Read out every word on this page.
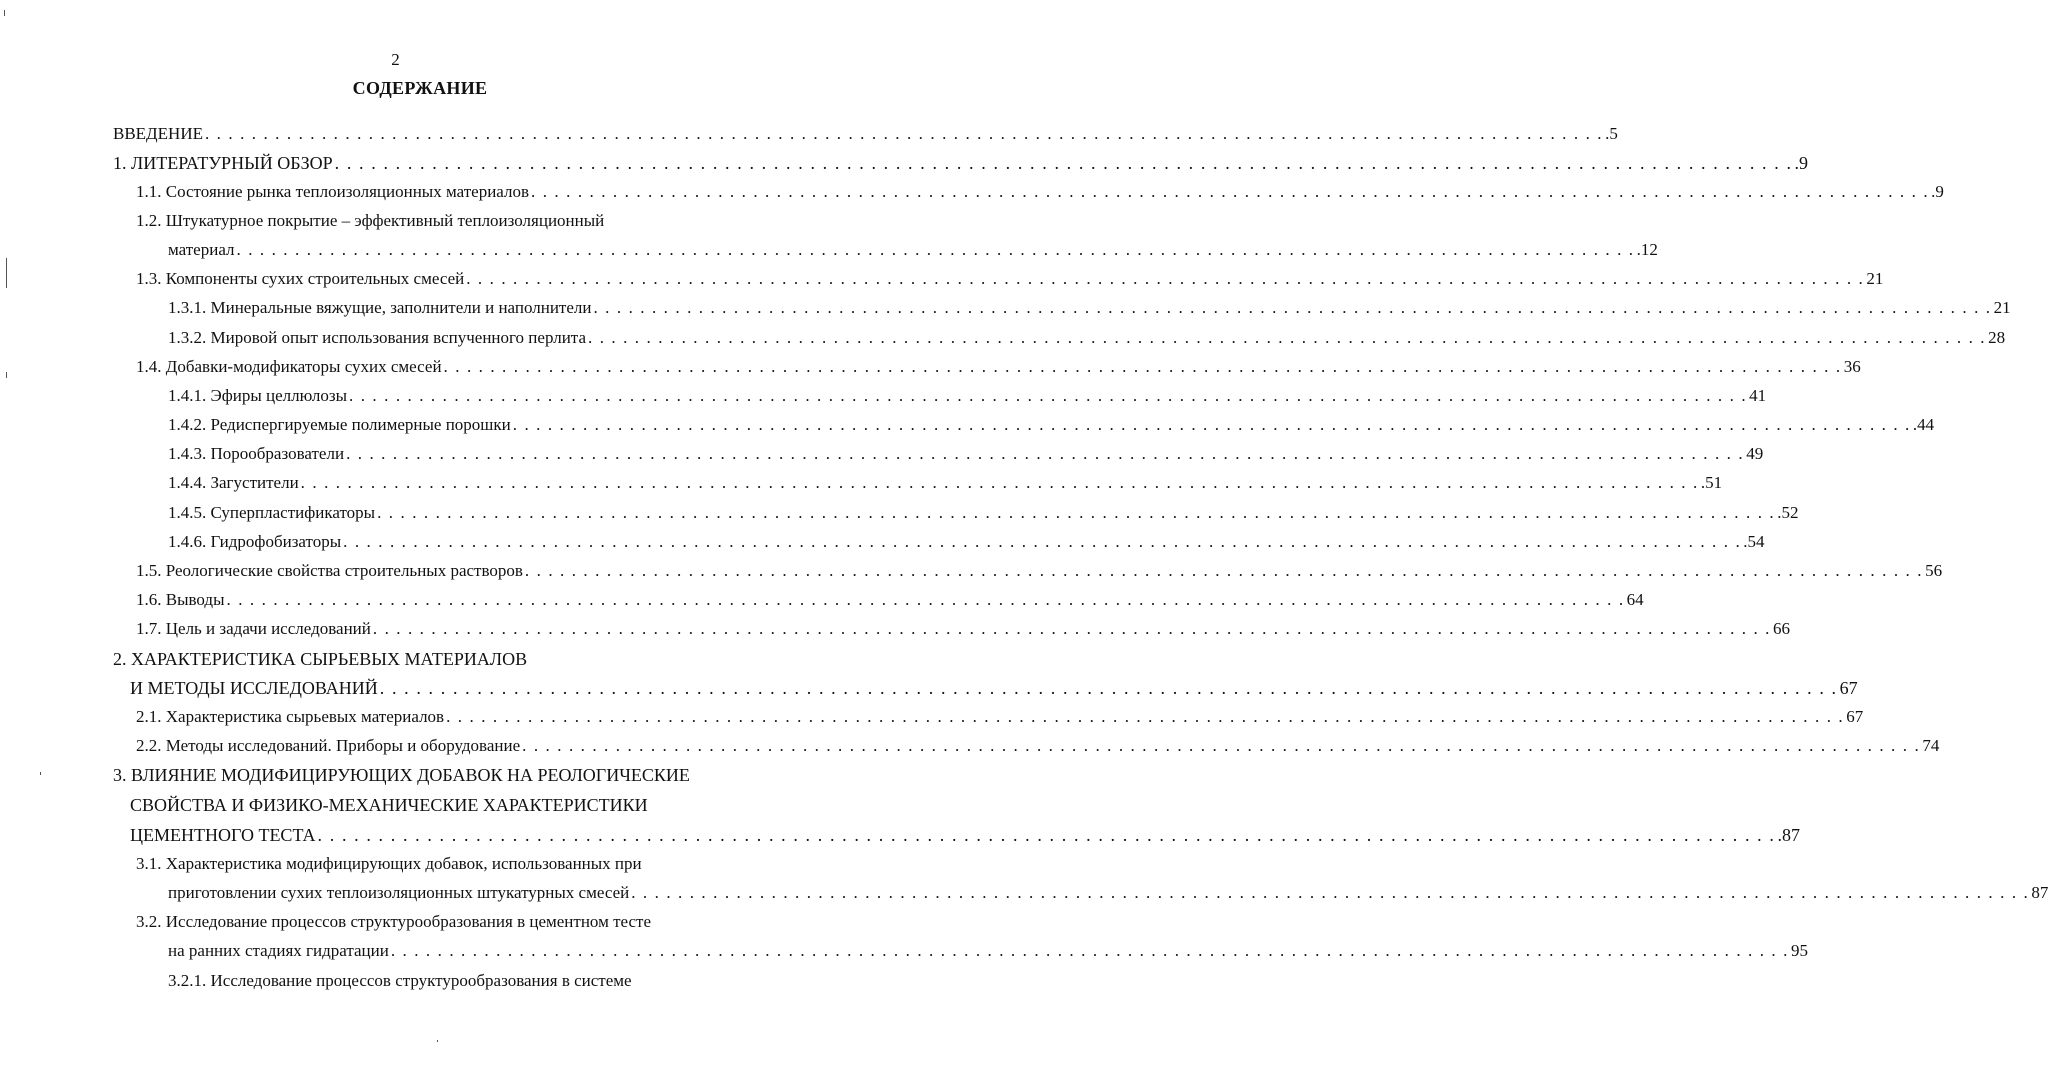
2
СОДЕРЖАНИЕ
ВВЕДЕНИЕ . . . . . . . . . . . . . . . . . . . . . . . . . . . . . . . . . . . . . . . . . . . . . . . . . . . . . . . . . . . . . . . . . . . . . . . . . . . . . . . . . . . . . . . . . . . . . . . . . . . . . . . . . . . . . . . . . . . . . . . . .5
1. ЛИТЕРАТУРНЫЙ ОБЗОР . . . . . . . . . . . . . . . . . . . . . . . . . . . . . . . . . . . . . . . . . . . . . . . . . . . . . . . . . . . . . . . . . . . . . . . . . . . . . . . . . . . . . . . . . . . . . . . . . . . . . . . . . . . . . . . . . . . . . . . . .9
1.1. Состояние рынка теплоизоляционных материалов . . . . . . . . . . . . . . . . . . . . . . . . . . . . . . . . . . . . . . . . . . . . . . . . . . . . . . . . . . . . . . . . . . . . . . . . . . . . . . . . . . . . . . . . . . . . . . . . . . . . . . . . . . . . . . . . . . . . . . . . .9
1.2. Штукатурное покрытие – эффективный теплоизоляционный
материал . . . . . . . . . . . . . . . . . . . . . . . . . . . . . . . . . . . . . . . . . . . . . . . . . . . . . . . . . . . . . . . . . . . . . . . . . . . . . . . . . . . . . . . . . . . . . . . . . . . . . . . . . . . . . . . . . . . . . . . . .12
1.3. Компоненты сухих строительных смесей . . . . . . . . . . . . . . . . . . . . . . . . . . . . . . . . . . . . . . . . . . . . . . . . . . . . . . . . . . . . . . . . . . . . . . . . . . . . . . . . . . . . . . . . . . . . . . . . . . . . . . . . . . . . . . . . . . . . . . . . 21
1.3.1. Минеральные вяжущие, заполнители и наполнители . . . . . . . . . . . . . . . . . . . . . . . . . . . . . . . . . . . . . . . . . . . . . . . . . . . . . . . . . . . . . . . . . . . . . . . . . . . . . . . . . . . . . . . . . . . . . . . . . . . . . . . . . . . . . . . . . . . . . . . . 21
1.3.2. Мировой опыт использования вспученного перлита . . . . . . . . . . . . . . . . . . . . . . . . . . . . . . . . . . . . . . . . . . . . . . . . . . . . . . . . . . . . . . . . . . . . . . . . . . . . . . . . . . . . . . . . . . . . . . . . . . . . . . . . . . . . . . . . . . . . . . . . 28
1.4. Добавки-модификаторы сухих смесей . . . . . . . . . . . . . . . . . . . . . . . . . . . . . . . . . . . . . . . . . . . . . . . . . . . . . . . . . . . . . . . . . . . . . . . . . . . . . . . . . . . . . . . . . . . . . . . . . . . . . . . . . . . . . . . . . . . . . . . . 36
1.4.1. Эфиры целлюлозы . . . . . . . . . . . . . . . . . . . . . . . . . . . . . . . . . . . . . . . . . . . . . . . . . . . . . . . . . . . . . . . . . . . . . . . . . . . . . . . . . . . . . . . . . . . . . . . . . . . . . . . . . . . . . . . . . . . . . . . . 41
1.4.2. Редиспергируемые полимерные порошки . . . . . . . . . . . . . . . . . . . . . . . . . . . . . . . . . . . . . . . . . . . . . . . . . . . . . . . . . . . . . . . . . . . . . . . . . . . . . . . . . . . . . . . . . . . . . . . . . . . . . . . . . . . . . . . . . . . . . . . . .44
1.4.3. Порообразователи . . . . . . . . . . . . . . . . . . . . . . . . . . . . . . . . . . . . . . . . . . . . . . . . . . . . . . . . . . . . . . . . . . . . . . . . . . . . . . . . . . . . . . . . . . . . . . . . . . . . . . . . . . . . . . . . . . . . . . . . 49
1.4.4. Загустители . . . . . . . . . . . . . . . . . . . . . . . . . . . . . . . . . . . . . . . . . . . . . . . . . . . . . . . . . . . . . . . . . . . . . . . . . . . . . . . . . . . . . . . . . . . . . . . . . . . . . . . . . . . . . . . . . . . . . . . . .51
1.4.5. Суперпластификаторы . . . . . . . . . . . . . . . . . . . . . . . . . . . . . . . . . . . . . . . . . . . . . . . . . . . . . . . . . . . . . . . . . . . . . . . . . . . . . . . . . . . . . . . . . . . . . . . . . . . . . . . . . . . . . . . . . . . . . . . . .52
1.4.6. Гидрофобизаторы . . . . . . . . . . . . . . . . . . . . . . . . . . . . . . . . . . . . . . . . . . . . . . . . . . . . . . . . . . . . . . . . . . . . . . . . . . . . . . . . . . . . . . . . . . . . . . . . . . . . . . . . . . . . . . . . . . . . . . . . .54
1.5. Реологические свойства строительных растворов . . . . . . . . . . . . . . . . . . . . . . . . . . . . . . . . . . . . . . . . . . . . . . . . . . . . . . . . . . . . . . . . . . . . . . . . . . . . . . . . . . . . . . . . . . . . . . . . . . . . . . . . . . . . . . . . . . . . . . . . 56
1.6. Выводы . . . . . . . . . . . . . . . . . . . . . . . . . . . . . . . . . . . . . . . . . . . . . . . . . . . . . . . . . . . . . . . . . . . . . . . . . . . . . . . . . . . . . . . . . . . . . . . . . . . . . . . . . . . . . . . . . . . . . . . . 64
1.7. Цель и задачи исследований . . . . . . . . . . . . . . . . . . . . . . . . . . . . . . . . . . . . . . . . . . . . . . . . . . . . . . . . . . . . . . . . . . . . . . . . . . . . . . . . . . . . . . . . . . . . . . . . . . . . . . . . . . . . . . . . . . . . . . . . 66
2. ХАРАКТЕРИСТИКА СЫРЬЕВЫХ МАТЕРИАЛОВ
И МЕТОДЫ ИССЛЕДОВАНИЙ . . . . . . . . . . . . . . . . . . . . . . . . . . . . . . . . . . . . . . . . . . . . . . . . . . . . . . . . . . . . . . . . . . . . . . . . . . . . . . . . . . . . . . . . . . . . . . . . . . . . . . . . . . . . . . . . . . . . . . . . 67
2.1. Характеристика сырьевых материалов . . . . . . . . . . . . . . . . . . . . . . . . . . . . . . . . . . . . . . . . . . . . . . . . . . . . . . . . . . . . . . . . . . . . . . . . . . . . . . . . . . . . . . . . . . . . . . . . . . . . . . . . . . . . . . . . . . . . . . . . 67
2.2. Методы исследований. Приборы и оборудование . . . . . . . . . . . . . . . . . . . . . . . . . . . . . . . . . . . . . . . . . . . . . . . . . . . . . . . . . . . . . . . . . . . . . . . . . . . . . . . . . . . . . . . . . . . . . . . . . . . . . . . . . . . . . . . . . . . . . . . . 74
3. ВЛИЯНИЕ МОДИФИЦИРУЮЩИХ ДОБАВОК НА РЕОЛОГИЧЕСКИЕ
СВОЙСТВА И ФИЗИКО-МЕХАНИЧЕСКИЕ ХАРАКТЕРИСТИКИ
ЦЕМЕНТНОГО ТЕСТА . . . . . . . . . . . . . . . . . . . . . . . . . . . . . . . . . . . . . . . . . . . . . . . . . . . . . . . . . . . . . . . . . . . . . . . . . . . . . . . . . . . . . . . . . . . . . . . . . . . . . . . . . . . . . . . . . . . . . . . . .87
3.1. Характеристика модифицирующих добавок, использованных при
приготовлении сухих теплоизоляционных штукатурных смесей . . . . . . . . . . . . . . . . . . . . . . . . . . . . . . . . . . . . . . . . . . . . . . . . . . . . . . . . . . . . . . . . . . . . . . . . . . . . . . . . . . . . . . . . . . . . . . . . . . . . . . . . . . . . . . . . . . . . . . . . 87
3.2. Исследование процессов структурообразования в цементном тесте
на ранних стадиях гидратации . . . . . . . . . . . . . . . . . . . . . . . . . . . . . . . . . . . . . . . . . . . . . . . . . . . . . . . . . . . . . . . . . . . . . . . . . . . . . . . . . . . . . . . . . . . . . . . . . . . . . . . . . . . . . . . . . . . . . . . . 95
3.2.1. Исследование процессов структурообразования в системе
